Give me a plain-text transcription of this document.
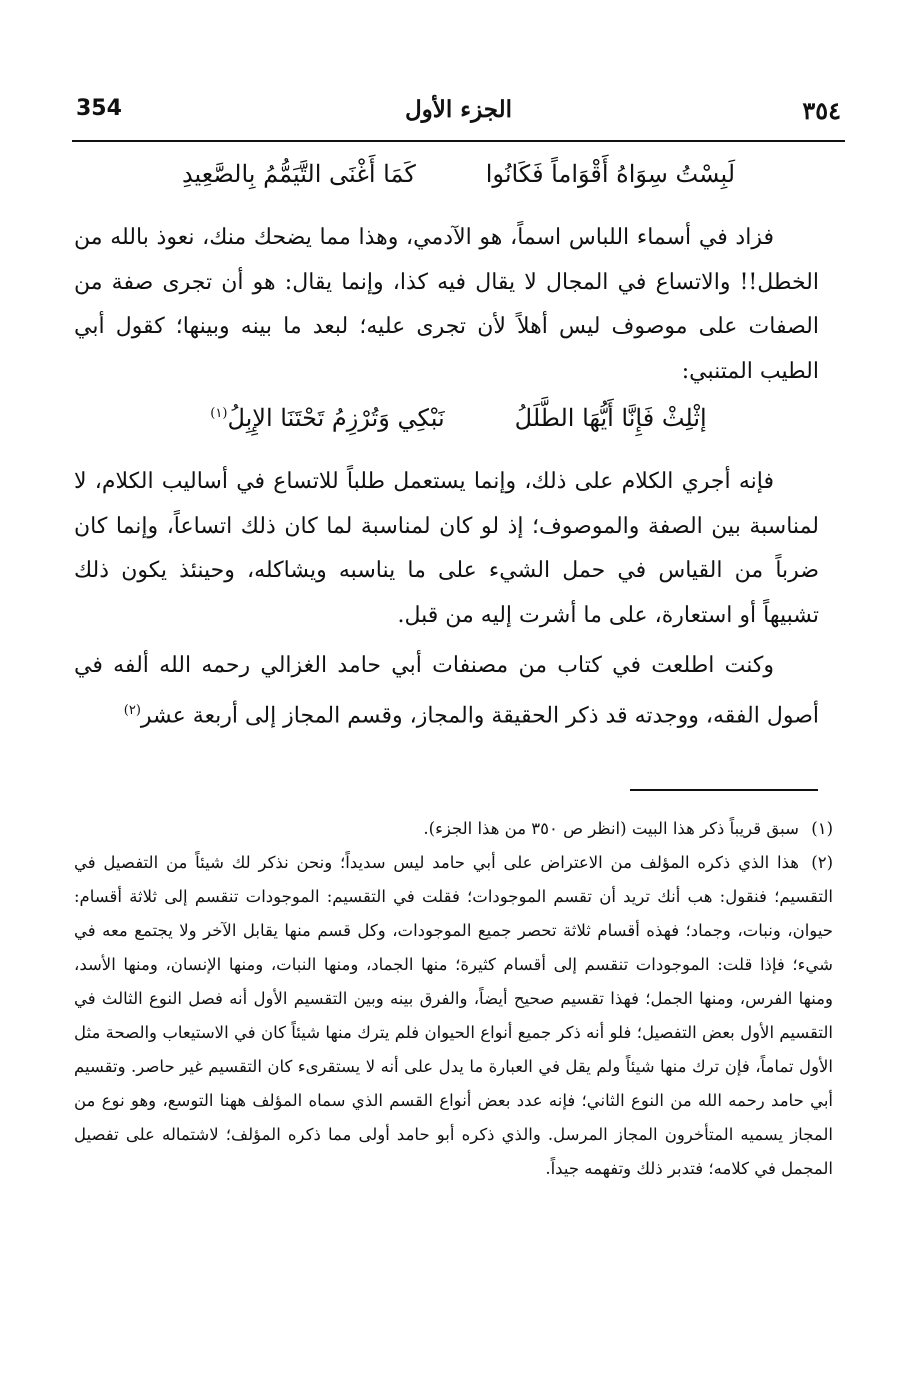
354	الجزء الأول	٣٥٤
لَبِسْتُ سِوَاهُ أَقْوَاماً فَكَانُوا
كَمَا أَغْنَى التَّيَمُّمُ بِالصَّعِيدِ

فزاد في أسماء اللباس اسماً، هو الآدمي، وهذا مما يضحك منك، نعوذ بالله من الخطل!! والاتساع في المجال لا يقال فيه كذا، وإنما يقال: هو أن تجرى صفة من الصفات على موصوف ليس أهلاً لأن تجرى عليه؛ لبعد ما بينه وبينها؛ كقول أبي الطيب المتنبي:

إثْلِثْ فَإِنَّا أَيُّهَا الطَّلَلُ
نَبْكِي وَتُرْزِمُ تَحْتَنَا الإِبِلُ$^{(١)}$

فإنه أجري الكلام على ذلك، وإنما يستعمل طلباً للاتساع في أساليب الكلام، لا لمناسبة بين الصفة والموصوف؛ إذ لو كان لمناسبة لما كان ذلك اتساعاً، وإنما كان ضرباً من القياس في حمل الشيء على ما يناسبه ويشاكله، وحينئذ يكون ذلك تشبيهاً أو استعارة، على ما أشرت إليه من قبل.

وكنت اطلعت في كتاب من مصنفات أبي حامد الغزالي رحمه الله ألفه في أصول الفقه، ووجدته قد ذكر الحقيقة والمجاز، وقسم المجاز إلى أربعة عشر$^{(٢)}$

(١)سبق قريباً ذكر هذا البيت (انظر ص ٣٥٠ من هذا الجزء).

(٢)هذا الذي ذكره المؤلف من الاعتراض على أبي حامد ليس سديداً؛ ونحن نذكر لك شيئاً من التفصيل في التقسيم؛ فنقول: هب أنك تريد أن تقسم الموجودات؛ فقلت في التقسيم: الموجودات تنقسم إلى ثلاثة أقسام: حيوان، ونبات، وجماد؛ فهذه أقسام ثلاثة تحصر جميع الموجودات، وكل قسم منها يقابل الآخر ولا يجتمع معه في شيء؛ فإذا قلت: الموجودات تنقسم إلى أقسام كثيرة؛ منها الجماد، ومنها النبات، ومنها الإنسان، ومنها الأسد، ومنها الفرس، ومنها الجمل؛ فهذا تقسيم صحيح أيضاً، والفرق بينه وبين التقسيم الأول أنه فصل النوع الثالث في التقسيم الأول بعض التفصيل؛ فلو أنه ذكر جميع أنواع الحيوان فلم يترك منها شيئاً كان في الاستيعاب والصحة مثل الأول تماماً، فإن ترك منها شيئاً ولم يقل في العبارة ما يدل على أنه لا يستقرىء كان التقسيم غير حاصر. وتقسيم أبي حامد رحمه الله من النوع الثاني؛ فإنه عدد بعض أنواع القسم الذي سماه المؤلف ههنا التوسع، وهو نوع من المجاز يسميه المتأخرون المجاز المرسل. والذي ذكره أبو حامد أولى مما ذكره المؤلف؛ لاشتماله على تفصيل المجمل في كلامه؛ فتدبر ذلك وتفهمه جيداً.
